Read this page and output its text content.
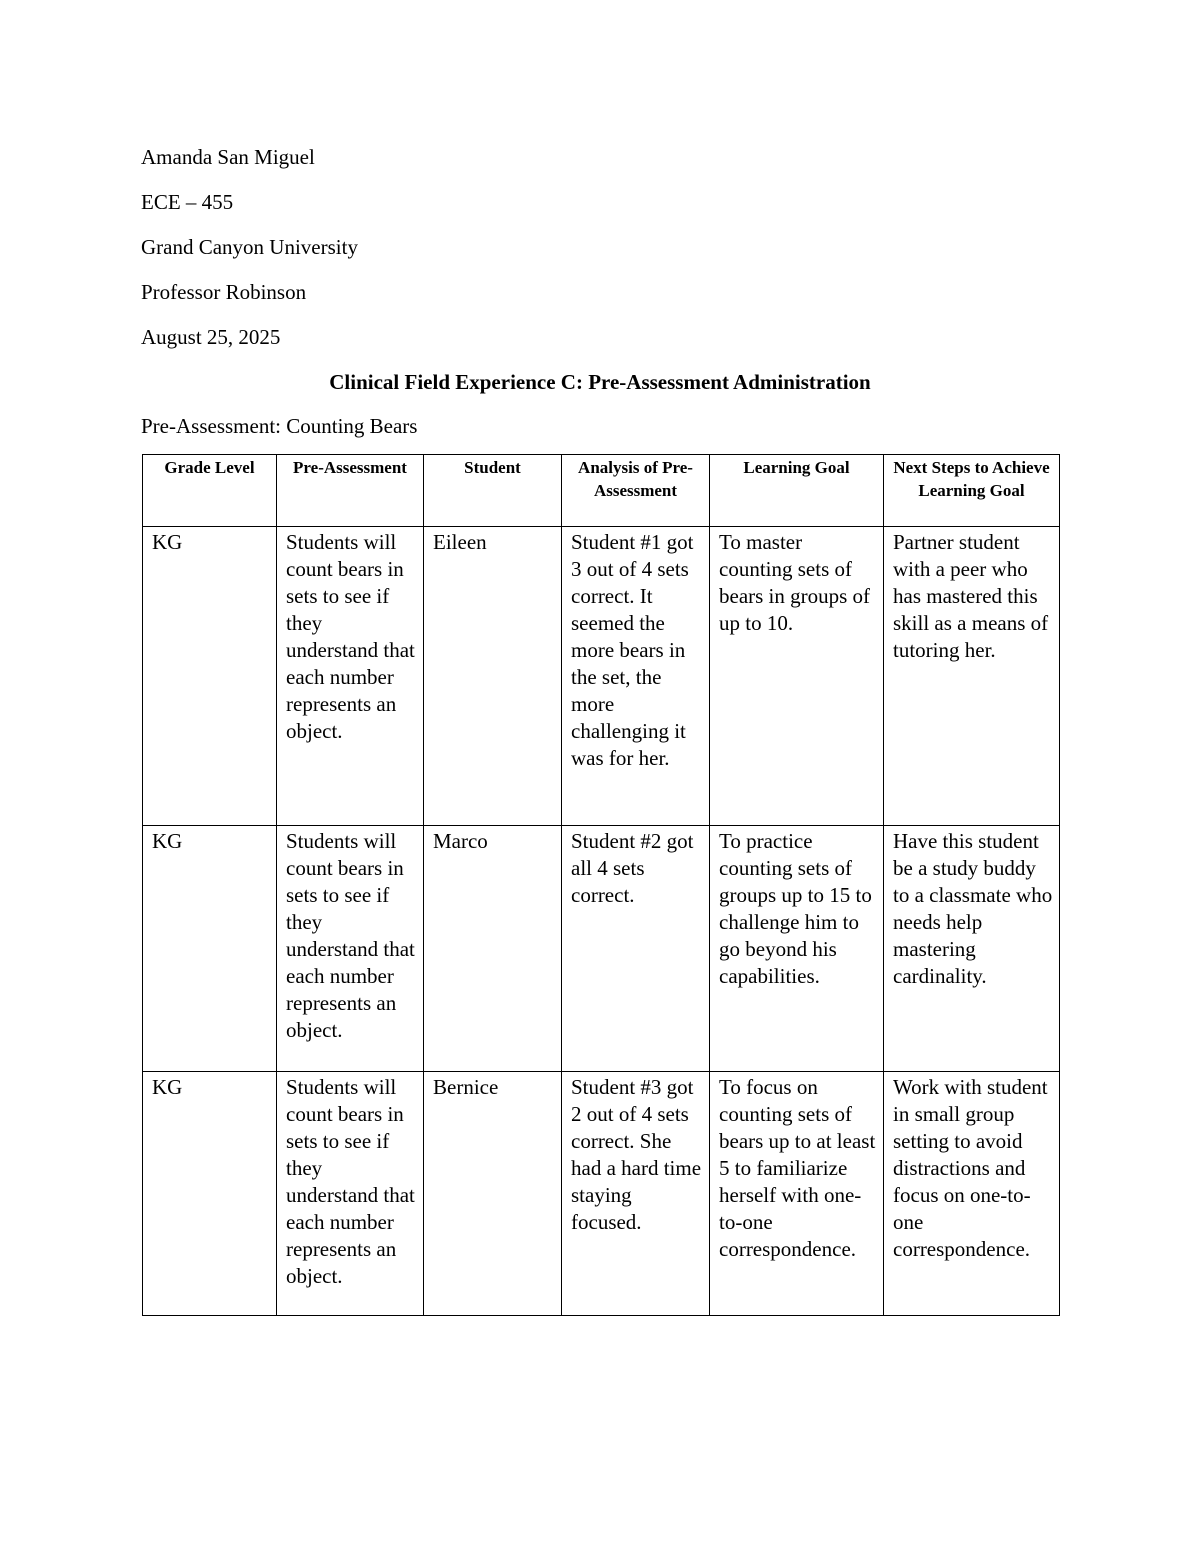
Amanda San Miguel
ECE – 455
Grand Canyon University
Professor Robinson
August 25, 2025
Clinical Field Experience C: Pre-Assessment Administration
Pre-Assessment: Counting Bears
Grade Level	Pre-Assessment	Student	Analysis of Pre-Assessment	Learning Goal	Next Steps to Achieve Learning Goal
KG	Students will count bears in sets to see if they understand that each number represents an object.	Eileen	Student #1 got 3 out of 4 sets correct. It seemed the more bears in the set, the more challenging it was for her.	To master counting sets of bears in groups of up to 10.	Partner student with a peer who has mastered this skill as a means of tutoring her.
KG	Students will count bears in sets to see if they understand that each number represents an object.	Marco	Student #2 got all 4 sets correct.	To practice counting sets of groups up to 15 to challenge him to go beyond his capabilities.	Have this student be a study buddy to a classmate who needs help mastering cardinality.
KG	Students will count bears in sets to see if they understand that each number represents an object.	Bernice	Student #3 got 2 out of 4 sets correct. She had a hard time staying focused.	To focus on counting sets of bears up to at least 5 to familiarize herself with one-to-one correspondence.	Work with student in small group setting to avoid distractions and focus on one-to-one correspondence.
